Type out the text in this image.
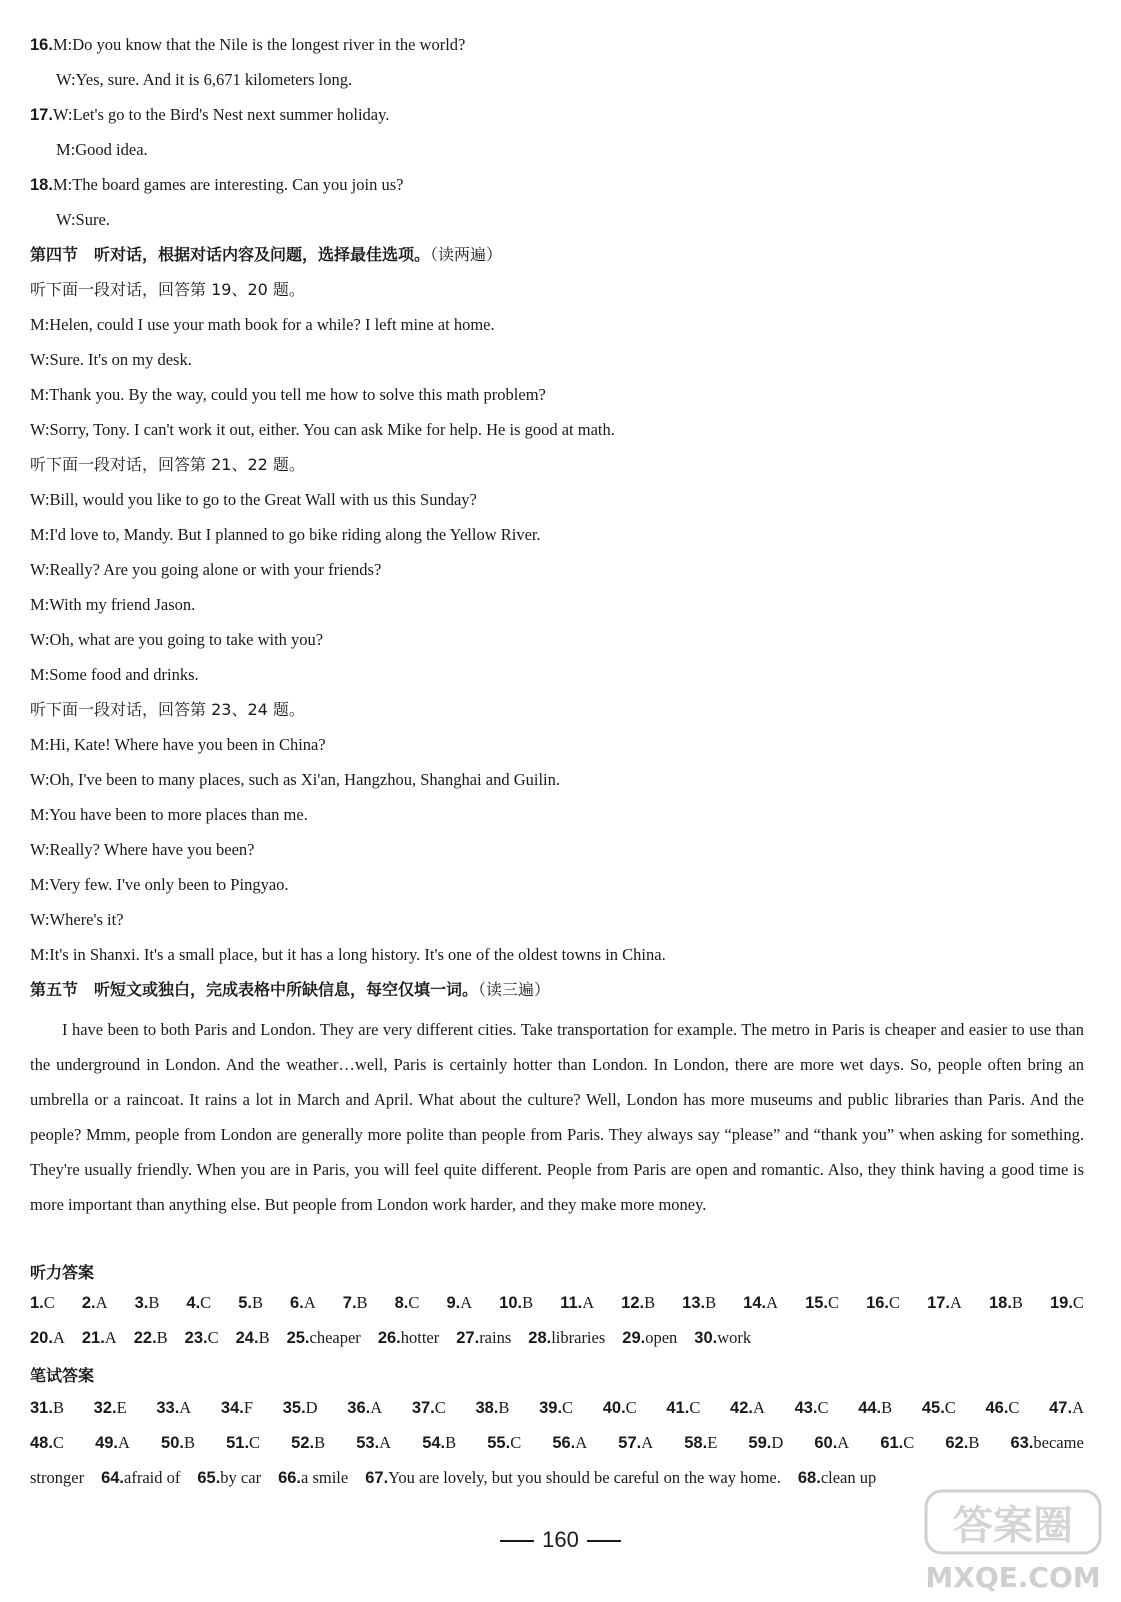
16.M:Do you know that the Nile is the longest river in the world?
W:Yes, sure. And it is 6,671 kilometers long.
17.W:Let's go to the Bird's Nest next summer holiday.
M:Good idea.
18.M:The board games are interesting. Can you join us?
W:Sure.
第四节　听对话，根据对话内容及问题，选择最佳选项。（读两遍）
听下面一段对话，回答第 19、20 题。
M:Helen, could I use your math book for a while? I left mine at home.
W:Sure. It's on my desk.
M:Thank you. By the way, could you tell me how to solve this math problem?
W:Sorry, Tony. I can't work it out, either. You can ask Mike for help. He is good at math.
听下面一段对话，回答第 21、22 题。
W:Bill, would you like to go to the Great Wall with us this Sunday?
M:I'd love to, Mandy. But I planned to go bike riding along the Yellow River.
W:Really? Are you going alone or with your friends?
M:With my friend Jason.
W:Oh, what are you going to take with you?
M:Some food and drinks.
听下面一段对话，回答第 23、24 题。
M:Hi, Kate! Where have you been in China?
W:Oh, I've been to many places, such as Xi'an, Hangzhou, Shanghai and Guilin.
M:You have been to more places than me.
W:Really? Where have you been?
M:Very few. I've only been to Pingyao.
W:Where's it?
M:It's in Shanxi. It's a small place, but it has a long history. It's one of the oldest towns in China.
第五节　听短文或独白，完成表格中所缺信息，每空仅填一词。（读三遍）
I have been to both Paris and London. They are very different cities. Take transportation for example. The metro in Paris is cheaper and easier to use than the underground in London. And the weather…well, Paris is certainly hotter than London. In London, there are more wet days. So, people often bring an umbrella or a raincoat. It rains a lot in March and April. What about the culture? Well, London has more museums and public libraries than Paris. And the people? Mmm, people from London are generally more polite than people from Paris. They always say “please” and “thank you” when asking for something. They're usually friendly. When you are in Paris, you will feel quite different. People from Paris are open and romantic. Also, they think having a good time is more important than anything else. But people from London work harder, and they make more money.
听力答案
1.C 2.A 3.B 4.C 5.B 6.A 7.B 8.C 9.A 10.B 11.A 12.B 13.B 14.A 15.C 16.C 17.A 18.B 19.C
20.A 21.A 22.B 23.C 24.B 25.cheaper 26.hotter 27.rains 28.libraries 29.open 30.work
笔试答案
31.B 32.E 33.A 34.F 35.D 36.A 37.C 38.B 39.C 40.C 41.C 42.A 43.C 44.B 45.C 46.C 47.A
48.C 49.A 50.B 51.C 52.B 53.A 54.B 55.C 56.A 57.A 58.E 59.D 60.A 61.C 62.B 63.became
stronger 64.afraid of 65.by car 66.a smile 67.You are lovely, but you should be careful on the way home. 68.clean up
160	答案圈
MXQE.COM
